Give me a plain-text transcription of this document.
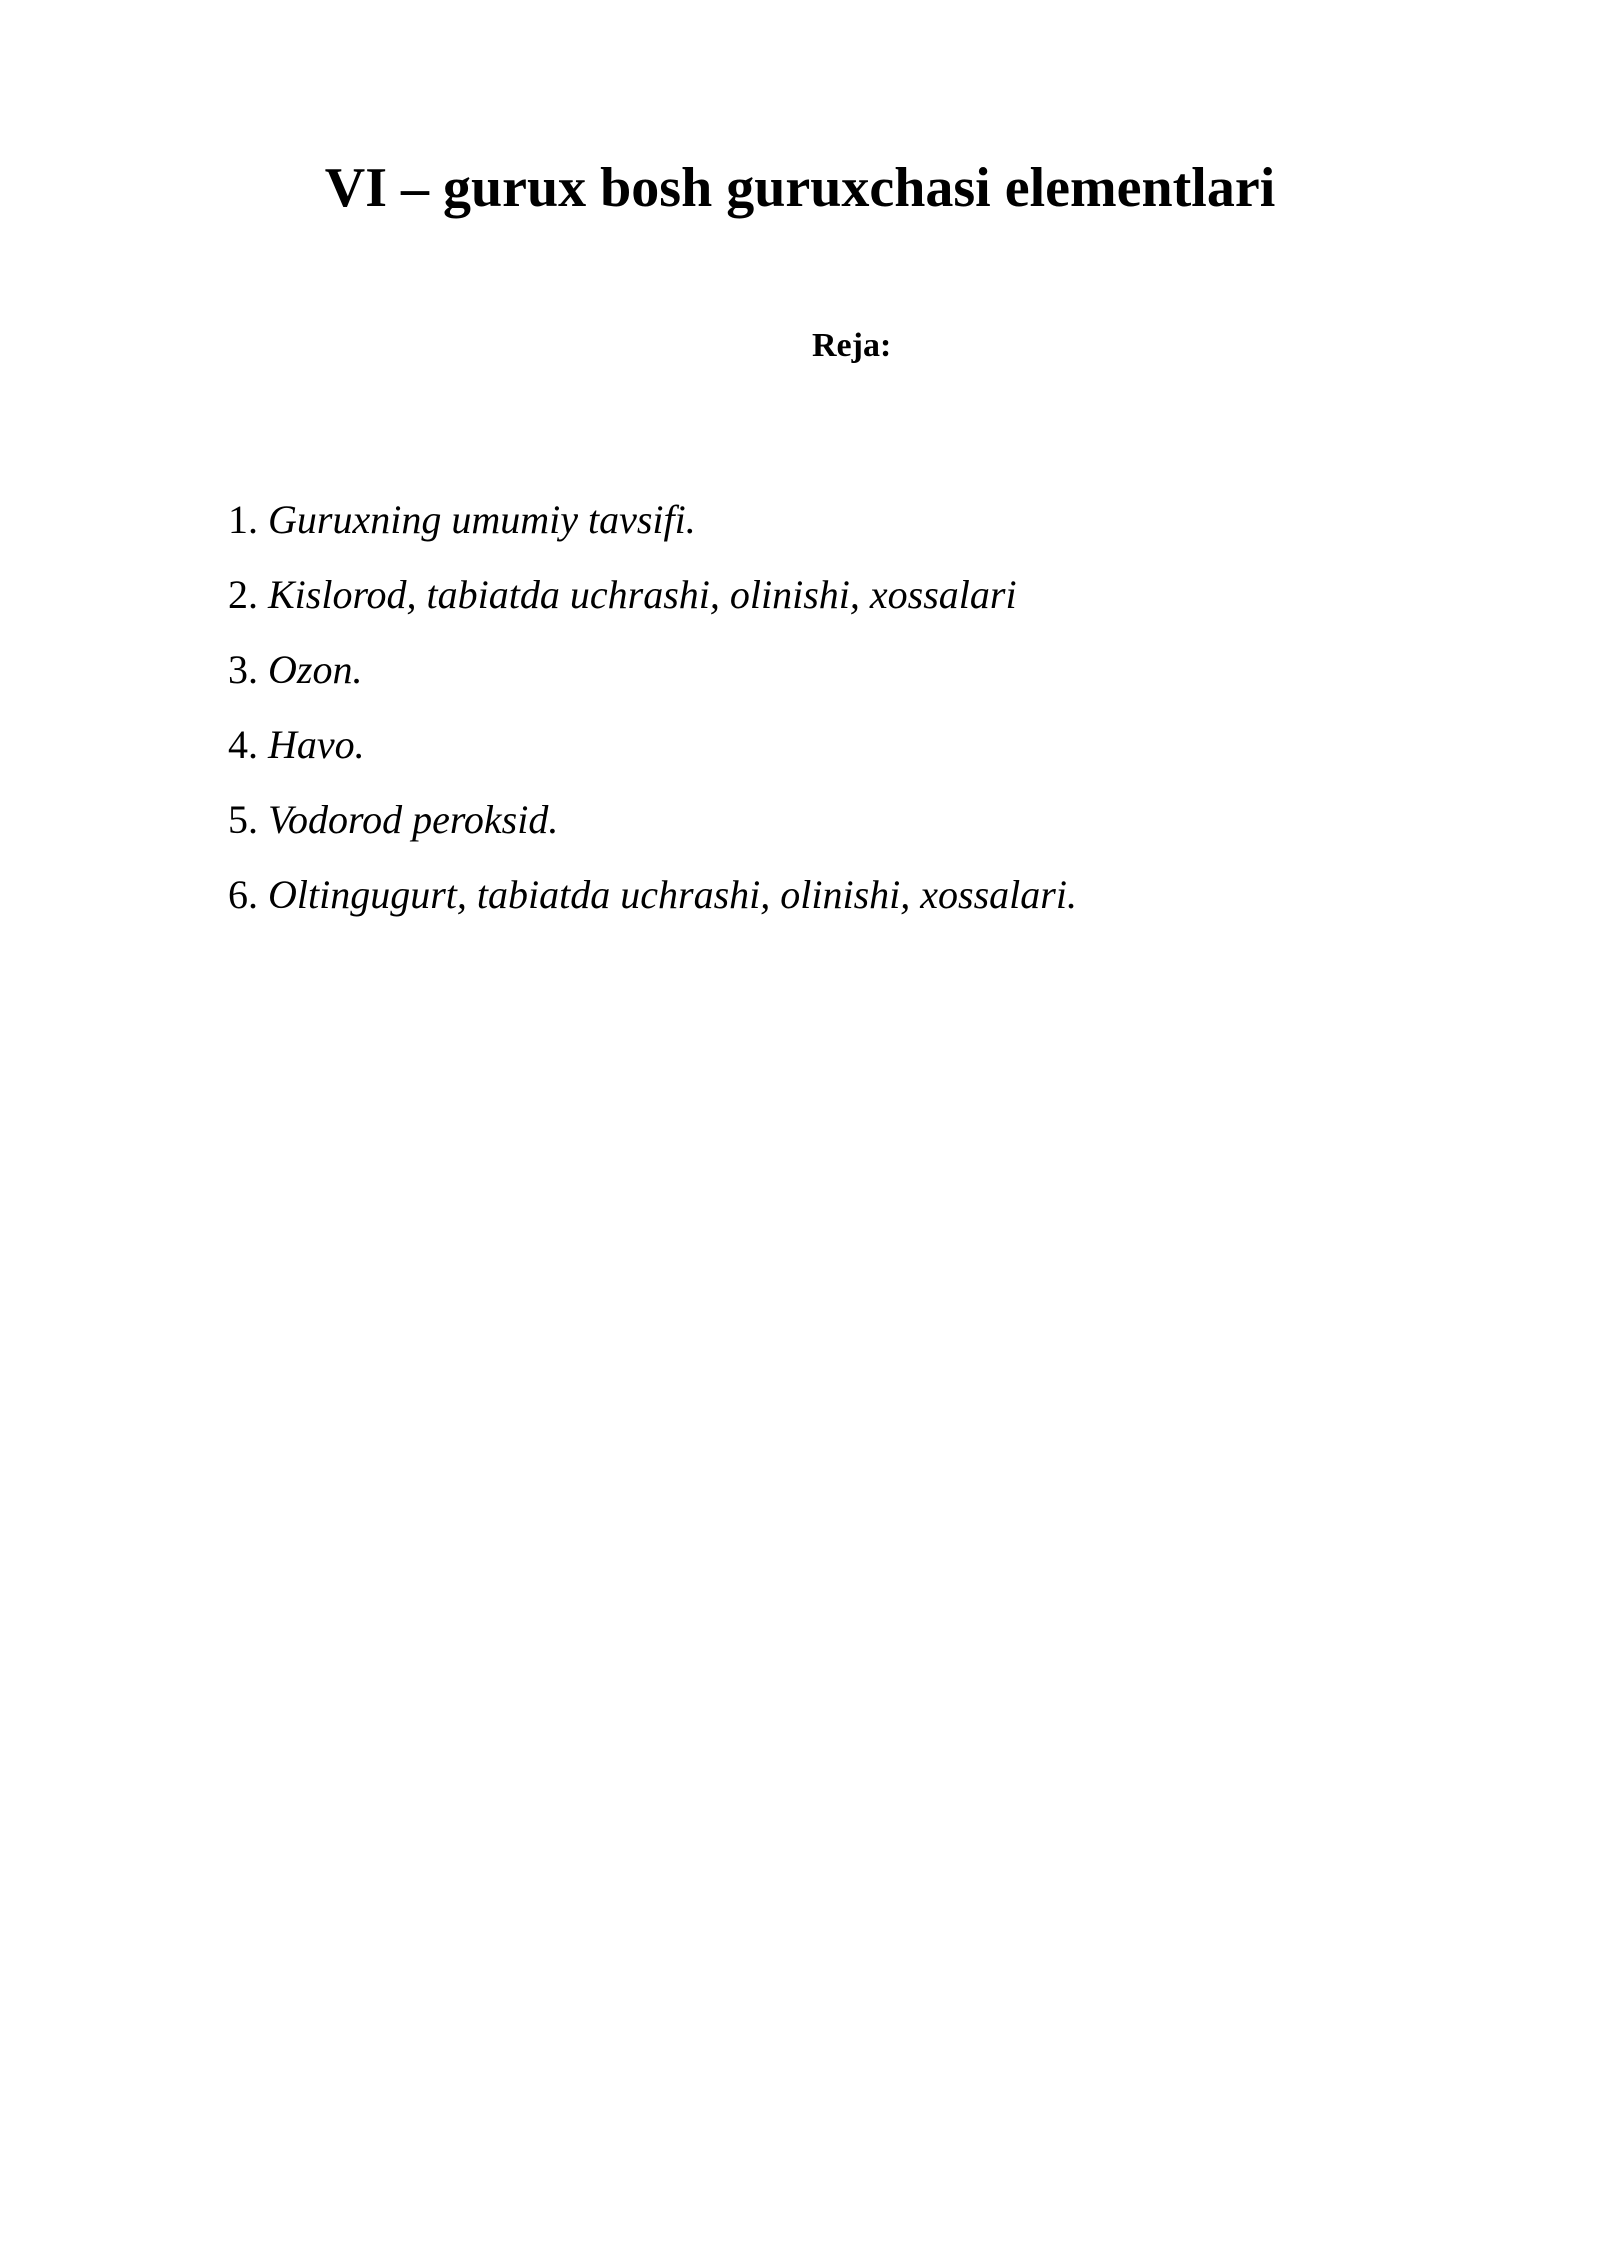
VI – gurux bosh guruxchasi elementlari

Reja:

1. Guruxning umumiy tavsifi.
2. Kislorod, tabiatda uchrashi, olinishi, xossalari
3. Ozon.
4. Havo.
5. Vodorod peroksid.
6. Oltingugurt, tabiatda uchrashi, olinishi, xossalari.
